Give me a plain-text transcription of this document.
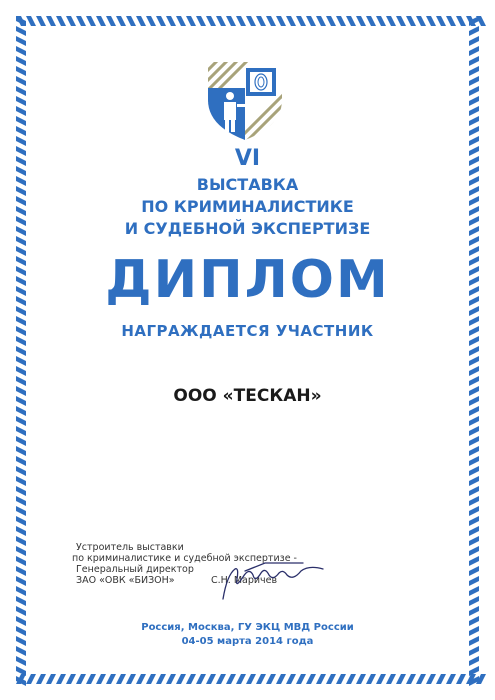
VI
ВЫСТАВКА
ПО КРИМИНАЛИСТИКЕ
И СУДЕБНОЙ ЭКСПЕРТИЗЕ
ДИПЛОМ
НАГРАЖДАЕТСЯ УЧАСТНИК
ООО «ТЕСКАН»
Устроитель выставки
по криминалистике и судебной экспертизе -
Генеральный директор
ЗАО «ОВК «БИЗОН»	С.Н. Маричев
Россия, Москва, ГУ ЭКЦ МВД России
04-05 марта 2014 года
